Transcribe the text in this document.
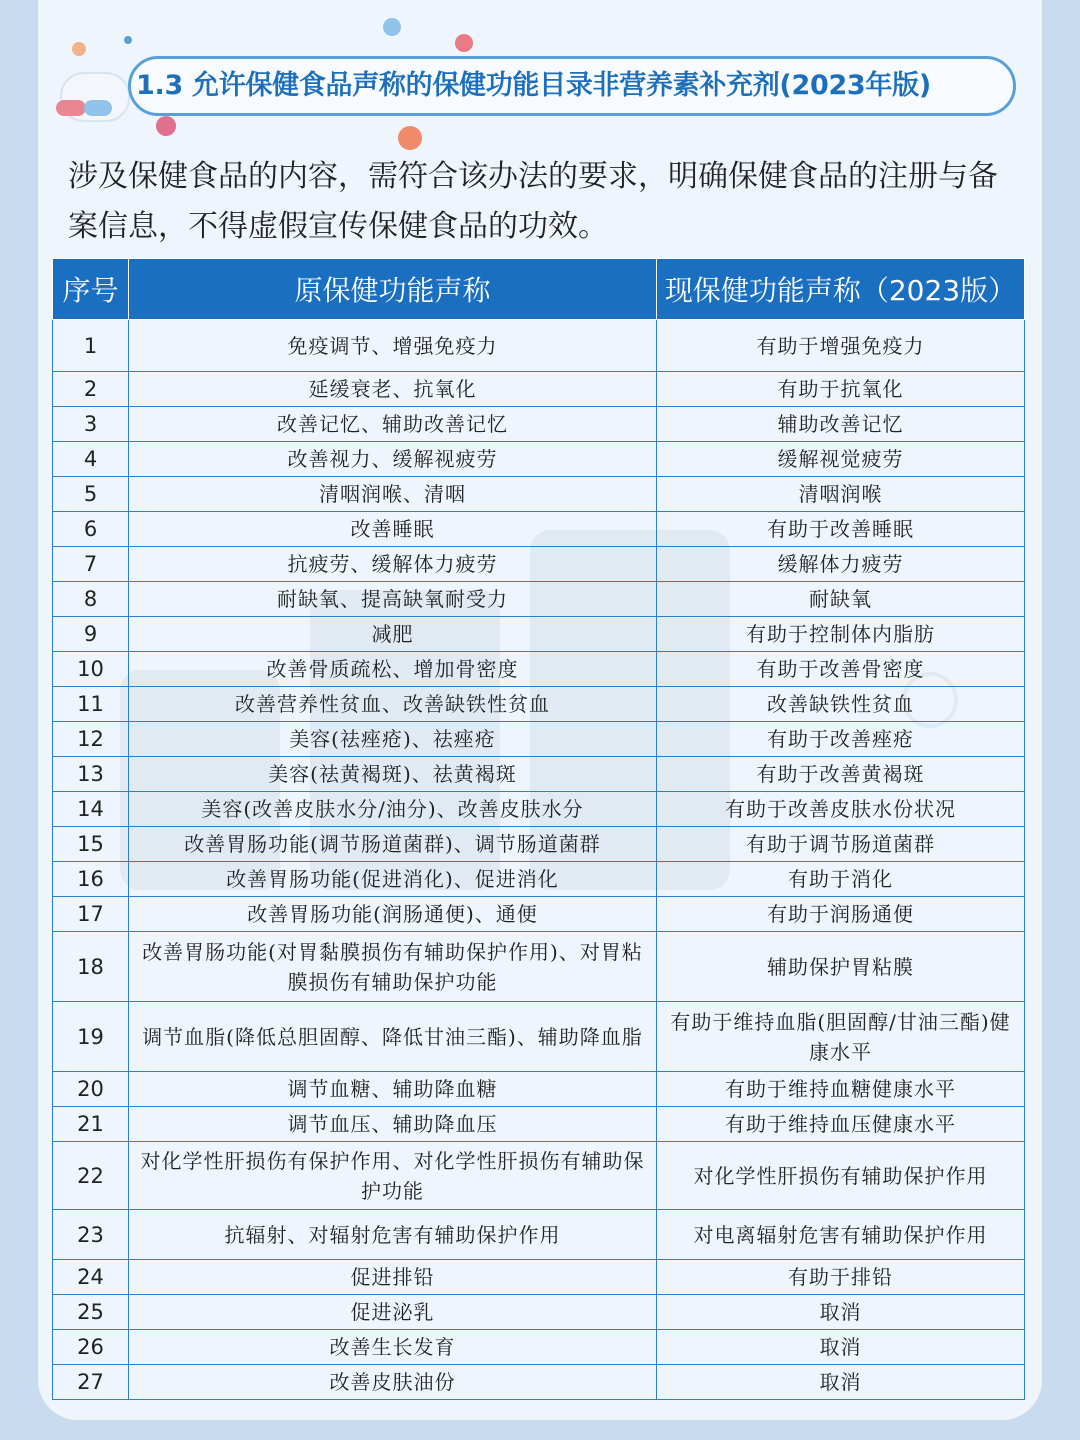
1.3 允许保健食品声称的保健功能目录非营养素补充剂(2023年版)
涉及保健食品的内容，需符合该办法的要求，明确保健食品的注册与备案信息，不得虚假宣传保健食品的功效。
序号	原保健功能声称	现保健功能声称（2023版）
1	免疫调节、增强免疫力	有助于增强免疫力
2	延缓衰老、抗氧化	有助于抗氧化
3	改善记忆、辅助改善记忆	辅助改善记忆
4	改善视力、缓解视疲劳	缓解视觉疲劳
5	清咽润喉、清咽	清咽润喉
6	改善睡眠	有助于改善睡眠
7	抗疲劳、缓解体力疲劳	缓解体力疲劳
8	耐缺氧、提高缺氧耐受力	耐缺氧
9	减肥	有助于控制体内脂肪
10	改善骨质疏松、增加骨密度	有助于改善骨密度
11	改善营养性贫血、改善缺铁性贫血	改善缺铁性贫血
12	美容(祛痤疮)、祛痤疮	有助于改善痤疮
13	美容(祛黄褐斑)、祛黄褐斑	有助于改善黄褐斑
14	美容(改善皮肤水分/油分)、改善皮肤水分	有助于改善皮肤水份状况
15	改善胃肠功能(调节肠道菌群)、调节肠道菌群	有助于调节肠道菌群
16	改善胃肠功能(促进消化)、促进消化	有助于消化
17	改善胃肠功能(润肠通便)、通便	有助于润肠通便
18	改善胃肠功能(对胃黏膜损伤有辅助保护作用)、对胃粘膜损伤有辅助保护功能	辅助保护胃粘膜
19	调节血脂(降低总胆固醇、降低甘油三酯)、辅助降血脂	有助于维持血脂(胆固醇/甘油三酯)健康水平
20	调节血糖、辅助降血糖	有助于维持血糖健康水平
21	调节血压、辅助降血压	有助于维持血压健康水平
22	对化学性肝损伤有保护作用、对化学性肝损伤有辅助保护功能	对化学性肝损伤有辅助保护作用
23	抗辐射、对辐射危害有辅助保护作用	对电离辐射危害有辅助保护作用
24	促进排铅	有助于排铅
25	促进泌乳	取消
26	改善生长发育	取消
27	改善皮肤油份	取消
